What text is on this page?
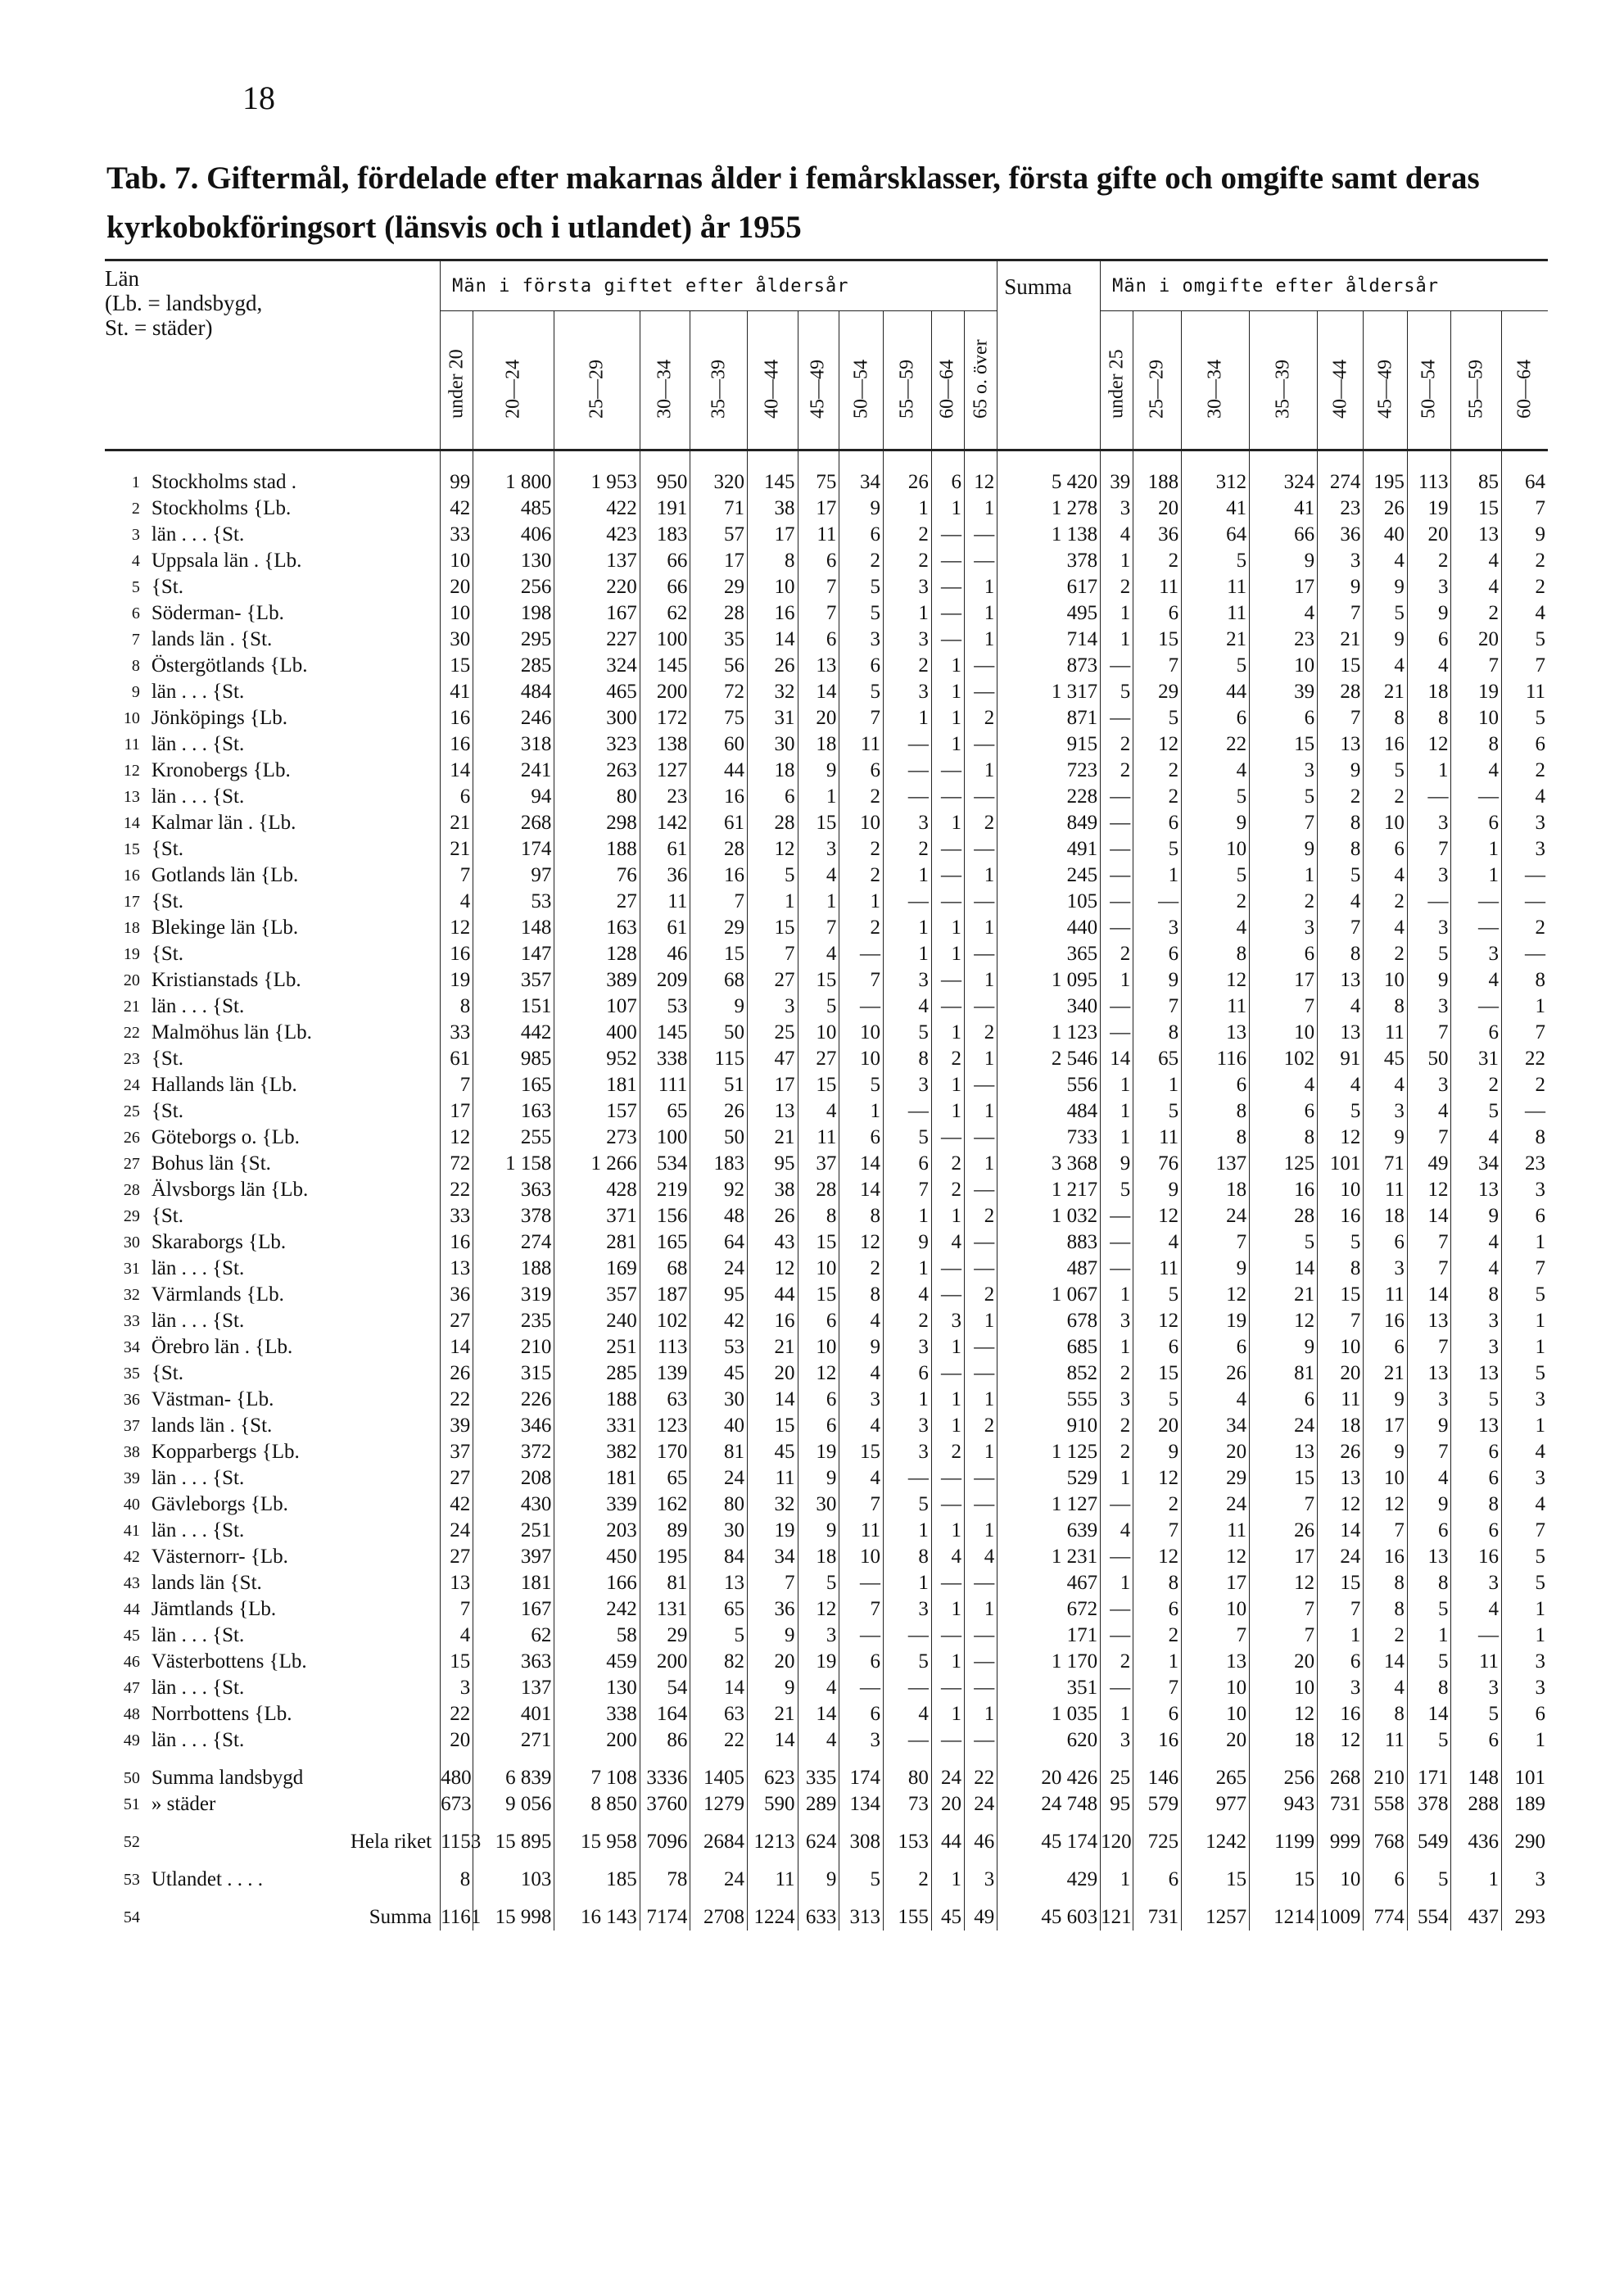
18
Tab. 7. Giftermål, fördelade efter makarnas ålder i femårsklasser, första gifte och omgifte samt deras kyrkobokföringsort (länsvis och i utlandet) år 1955
Län
(Lb. = landsbygd,
St. = städer)		Män i första giftet efter åldersår											Summa	Män i omgifte efter åldersår								

		under 20	20—24	25—29	30—34	35—39	40—44	45—49	50—54	55—59	60—64	65 o. över		under 25	25—29	30—34	35—39	40—44	45—49	50—54	55—59	60—64

1	Stockholms stad .	99	1 800	1 953	950	320	145	75	34	26	6	12	5 420	39	188	312	324	274	195	113	85	64
2	Stockholms {Lb.	42	485	422	191	71	38	17	9	1	1	1	1 278	3	20	41	41	23	26	19	15	7
3	län . . . {St.	33	406	423	183	57	17	11	6	2	—	—	1 138	4	36	64	66	36	40	20	13	9
4	Uppsala län . {Lb.	10	130	137	66	17	8	6	2	2	—	—	378	1	2	5	9	3	4	2	4	2
5	{St.	20	256	220	66	29	10	7	5	3	—	1	617	2	11	11	17	9	9	3	4	2
6	Söderman- {Lb.	10	198	167	62	28	16	7	5	1	—	1	495	1	6	11	4	7	5	9	2	4
7	lands län . {St.	30	295	227	100	35	14	6	3	3	—	1	714	1	15	21	23	21	9	6	20	5
8	Östergötlands {Lb.	15	285	324	145	56	26	13	6	2	1	—	873	—	7	5	10	15	4	4	7	7
9	län . . . {St.	41	484	465	200	72	32	14	5	3	1	—	1 317	5	29	44	39	28	21	18	19	11
10	Jönköpings {Lb.	16	246	300	172	75	31	20	7	1	1	2	871	—	5	6	6	7	8	8	10	5
11	län . . . {St.	16	318	323	138	60	30	18	11	—	1	—	915	2	12	22	15	13	16	12	8	6
12	Kronobergs {Lb.	14	241	263	127	44	18	9	6	—	—	1	723	2	2	4	3	9	5	1	4	2
13	län . . . {St.	6	94	80	23	16	6	1	2	—	—	—	228	—	2	5	5	2	2	—	—	4
14	Kalmar län . {Lb.	21	268	298	142	61	28	15	10	3	1	2	849	—	6	9	7	8	10	3	6	3
15	{St.	21	174	188	61	28	12	3	2	2	—	—	491	—	5	10	9	8	6	7	1	3
16	Gotlands län {Lb.	7	97	76	36	16	5	4	2	1	—	1	245	—	1	5	1	5	4	3	1	—
17	{St.	4	53	27	11	7	1	1	1	—	—	—	105	—	—	2	2	4	2	—	—	—
18	Blekinge län {Lb.	12	148	163	61	29	15	7	2	1	1	1	440	—	3	4	3	7	4	3	—	2
19	{St.	16	147	128	46	15	7	4	—	1	1	—	365	2	6	8	6	8	2	5	3	—
20	Kristianstads {Lb.	19	357	389	209	68	27	15	7	3	—	1	1 095	1	9	12	17	13	10	9	4	8
21	län . . . {St.	8	151	107	53	9	3	5	—	4	—	—	340	—	7	11	7	4	8	3	—	1
22	Malmöhus län {Lb.	33	442	400	145	50	25	10	10	5	1	2	1 123	—	8	13	10	13	11	7	6	7
23	{St.	61	985	952	338	115	47	27	10	8	2	1	2 546	14	65	116	102	91	45	50	31	22
24	Hallands län {Lb.	7	165	181	111	51	17	15	5	3	1	—	556	1	1	6	4	4	4	3	2	2
25	{St.	17	163	157	65	26	13	4	1	—	1	1	484	1	5	8	6	5	3	4	5	—
26	Göteborgs o. {Lb.	12	255	273	100	50	21	11	6	5	—	—	733	1	11	8	8	12	9	7	4	8
27	Bohus län {St.	72	1 158	1 266	534	183	95	37	14	6	2	1	3 368	9	76	137	125	101	71	49	34	23
28	Älvsborgs län {Lb.	22	363	428	219	92	38	28	14	7	2	—	1 217	5	9	18	16	10	11	12	13	3
29	{St.	33	378	371	156	48	26	8	8	1	1	2	1 032	—	12	24	28	16	18	14	9	6
30	Skaraborgs {Lb.	16	274	281	165	64	43	15	12	9	4	—	883	—	4	7	5	5	6	7	4	1
31	län . . . {St.	13	188	169	68	24	12	10	2	1	—	—	487	—	11	9	14	8	3	7	4	7
32	Värmlands {Lb.	36	319	357	187	95	44	15	8	4	—	2	1 067	1	5	12	21	15	11	14	8	5
33	län . . . {St.	27	235	240	102	42	16	6	4	2	3	1	678	3	12	19	12	7	16	13	3	1
34	Örebro län . {Lb.	14	210	251	113	53	21	10	9	3	1	—	685	1	6	6	9	10	6	7	3	1
35	{St.	26	315	285	139	45	20	12	4	6	—	—	852	2	15	26	81	20	21	13	13	5
36	Västman- {Lb.	22	226	188	63	30	14	6	3	1	1	1	555	3	5	4	6	11	9	3	5	3
37	lands län . {St.	39	346	331	123	40	15	6	4	3	1	2	910	2	20	34	24	18	17	9	13	1
38	Kopparbergs {Lb.	37	372	382	170	81	45	19	15	3	2	1	1 125	2	9	20	13	26	9	7	6	4
39	län . . . {St.	27	208	181	65	24	11	9	4	—	—	—	529	1	12	29	15	13	10	4	6	3
40	Gävleborgs {Lb.	42	430	339	162	80	32	30	7	5	—	—	1 127	—	2	24	7	12	12	9	8	4
41	län . . . {St.	24	251	203	89	30	19	9	11	1	1	1	639	4	7	11	26	14	7	6	6	7
42	Västernorr- {Lb.	27	397	450	195	84	34	18	10	8	4	4	1 231	—	12	12	17	24	16	13	16	5
43	lands län {St.	13	181	166	81	13	7	5	—	1	—	—	467	1	8	17	12	15	8	8	3	5
44	Jämtlands {Lb.	7	167	242	131	65	36	12	7	3	1	1	672	—	6	10	7	7	8	5	4	1
45	län . . . {St.	4	62	58	29	5	9	3	—	—	—	—	171	—	2	7	7	1	2	1	—	1
46	Västerbottens {Lb.	15	363	459	200	82	20	19	6	5	1	—	1 170	2	1	13	20	6	14	5	11	3
47	län . . . {St.	3	137	130	54	14	9	4	—	—	—	—	351	—	7	10	10	3	4	8	3	3
48	Norrbottens {Lb.	22	401	338	164	63	21	14	6	4	1	1	1 035	1	6	10	12	16	8	14	5	6
49	län . . . {St.	20	271	200	86	22	14	4	3	—	—	—	620	3	16	20	18	12	11	5	6	1
50	Summa landsbygd	480	6 839	7 108	3336	1405	623	335	174	80	24	22	20 426	25	146	265	256	268	210	171	148	101
51	» städer	673	9 056	8 850	3760	1279	590	289	134	73	20	24	24 748	95	579	977	943	731	558	378	288	189
52	Hela riket	1153	15 895	15 958	7096	2684	1213	624	308	153	44	46	45 174	120	725	1242	1199	999	768	549	436	290
53	Utlandet . . . .	8	103	185	78	24	11	9	5	2	1	3	429	1	6	15	15	10	6	5	1	3
54	Summa	1161	15 998	16 143	7174	2708	1224	633	313	155	45	49	45 603	121	731	1257	1214	1009	774	554	437	293
